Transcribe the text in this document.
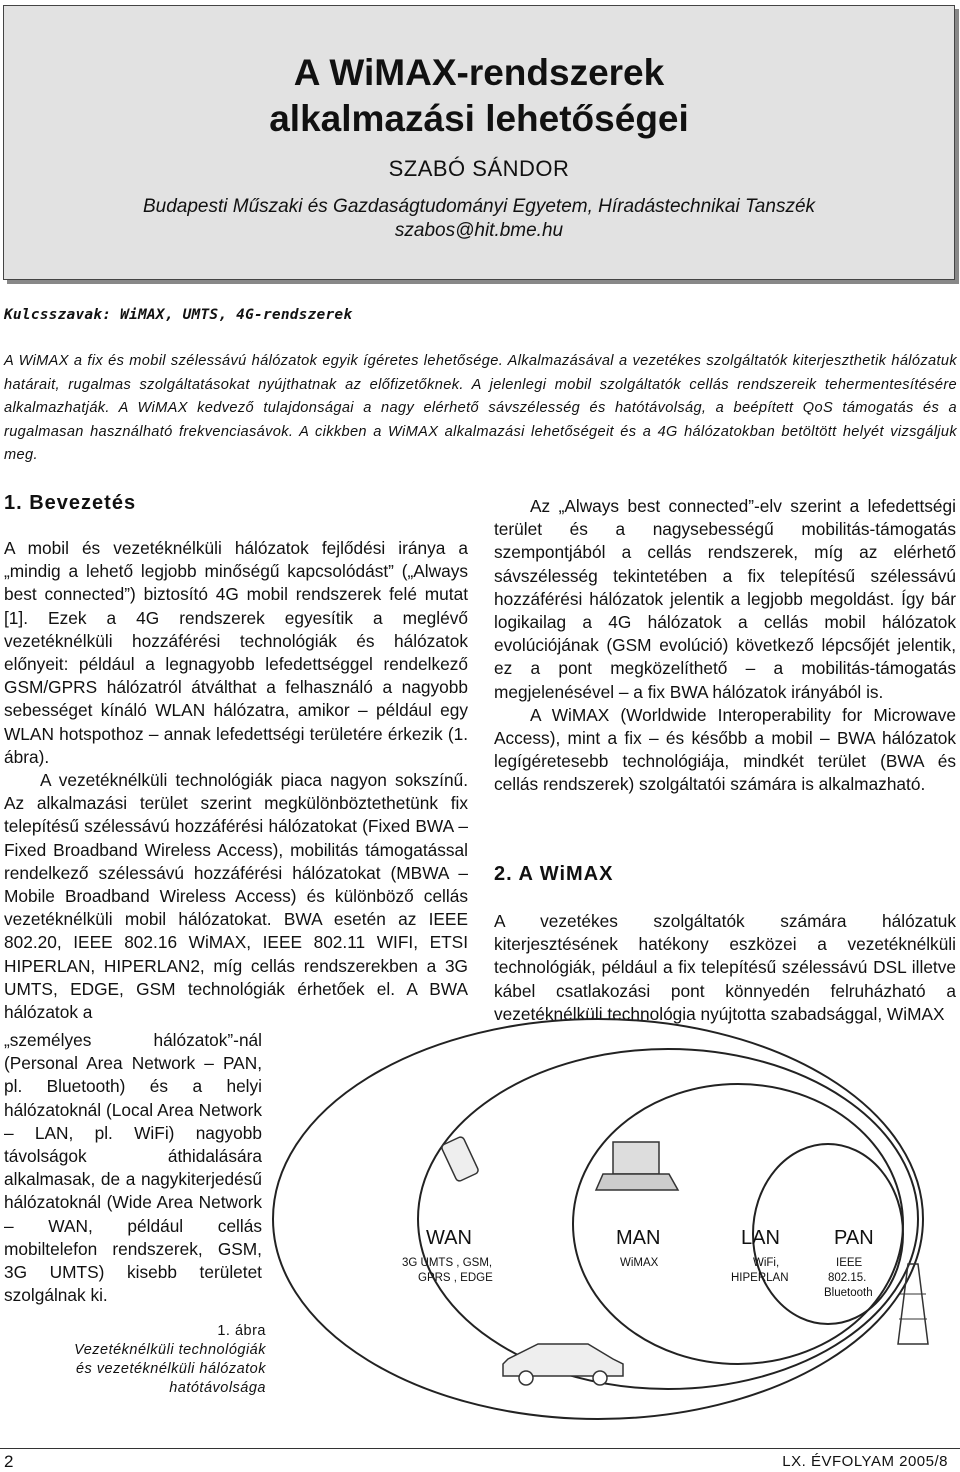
A WiMAX-rendszerek
alkalmazási lehetőségei
SZABÓ SÁNDOR
Budapesti Műszaki és Gazdaságtudományi Egyetem, Híradástechnikai Tanszék
szabos@hit.bme.hu
Kulcsszavak: WiMAX, UMTS, 4G-rendszerek
A WiMAX a fix és mobil szélessávú hálózatok egyik ígéretes lehetősége. Alkalmazásával a vezetékes szolgáltatók kiterjeszthetik hálózatuk határait, rugalmas szolgáltatásokat nyújthatnak az előfizetőknek. A jelenlegi mobil szolgáltatók cellás rendszereik tehermentesítésére alkalmazhatják. A WiMAX kedvező tulajdonságai a nagy elérhető sávszélesség és hatótávolság, a beépített QoS támogatás és a rugalmasan használható frekvenciasávok. A cikkben a WiMAX alkalmazási lehetőségeit és a 4G hálózatokban betöltött helyét vizsgáljuk meg.
1. Bevezetés

A mobil és vezetéknélküli hálózatok fejlődési iránya a „mindig a lehető legjobb minőségű kapcsolódást” („Always best connected”) biztosító 4G mobil rendszerek felé mutat [1]. Ezek a 4G rendszerek egyesítik a meglévő vezetéknélküli hozzáférési technológiák és hálózatok előnyeit: például a legnagyobb lefedettséggel rendelkező GSM/GPRS hálózatról átválthat a felhasználó a nagyobb sebességet kínáló WLAN hálózatra, amikor – például egy WLAN hotspothoz – annak lefedettségi területére érkezik (1. ábra).

A vezetéknélküli technológiák piaca nagyon sokszínű. Az alkalmazási terület szerint megkülönböztethetünk fix telepítésű szélessávú hozzáférési hálózatokat (Fixed BWA – Fixed Broadband Wireless Access), mobilitás támogatással rendelkező szélessávú hozzáférési hálózatokat (MBWA – Mobile Broadband Wireless Access) és különböző cellás vezetéknélküli mobil hálózatokat. BWA esetén az IEEE 802.20, IEEE 802.16 WiMAX, IEEE 802.11 WIFI, ETSI HIPERLAN, HIPERLAN2, míg cellás rendszerekben a 3G UMTS, EDGE, GSM technológiák érhetőek el. A BWA hálózatok a

„személyes hálózatok”-nál (Personal Area Network – PAN, pl. Bluetooth) és a helyi hálózatoknál (Local Area Network – LAN, pl. WiFi) nagyobb távolságok áthidalására alkalmasak, de a nagykiterjedésű hálózatoknál (Wide Area Network – WAN, például cellás mobiltelefon rendszerek, GSM, 3G UMTS) kisebb területet szolgálnak ki.

Az „Always best connected”-elv szerint a lefedettségi terület és a nagysebességű mobilitás-támogatás szempontjából a cellás rendszerek, míg az elérhető sávszélesség tekintetében a fix telepítésű szélessávú hozzáférési hálózatok jelentik a legjobb megoldást. Így bár logikailag a 4G hálózatok a cellás mobil hálózatok evolúciójának (GSM evolúció) következő lépcsőjét jelentik, ez a pont megközelíthető – a mobilitás-támogatás megjelenésével – a fix BWA hálózatok irányából is.

A WiMAX (Worldwide Interoperability for Microwave Access), mint a fix – és később a mobil – BWA hálózatok legígéretesebb technológiája, mindkét terület (BWA és cellás rendszerek) szolgáltatói számára is alkalmazható.

2. A WiMAX

A vezetékes szolgáltatók számára hálózatuk kiterjesztésének hatékony eszközei a vezetéknélküli technológiák, például a fix telepítésű szélessávú DSL illetve kábel csatlakozási pont könnyedén felruházható a vezetéknélküli technológia nyújtotta szabadsággal, WiMAX

WAN
3G UMTS , GSM,
GPRS , EDGE
MAN
WiMAX
LAN
WiFi,
HIPERLAN
PAN
IEEE
802.15.
Bluetooth
1. ábra
Vezetéknélküli technológiák
és vezetéknélküli hálózatok
hatótávolsága
2	LX. ÉVFOLYAM 2005/8
